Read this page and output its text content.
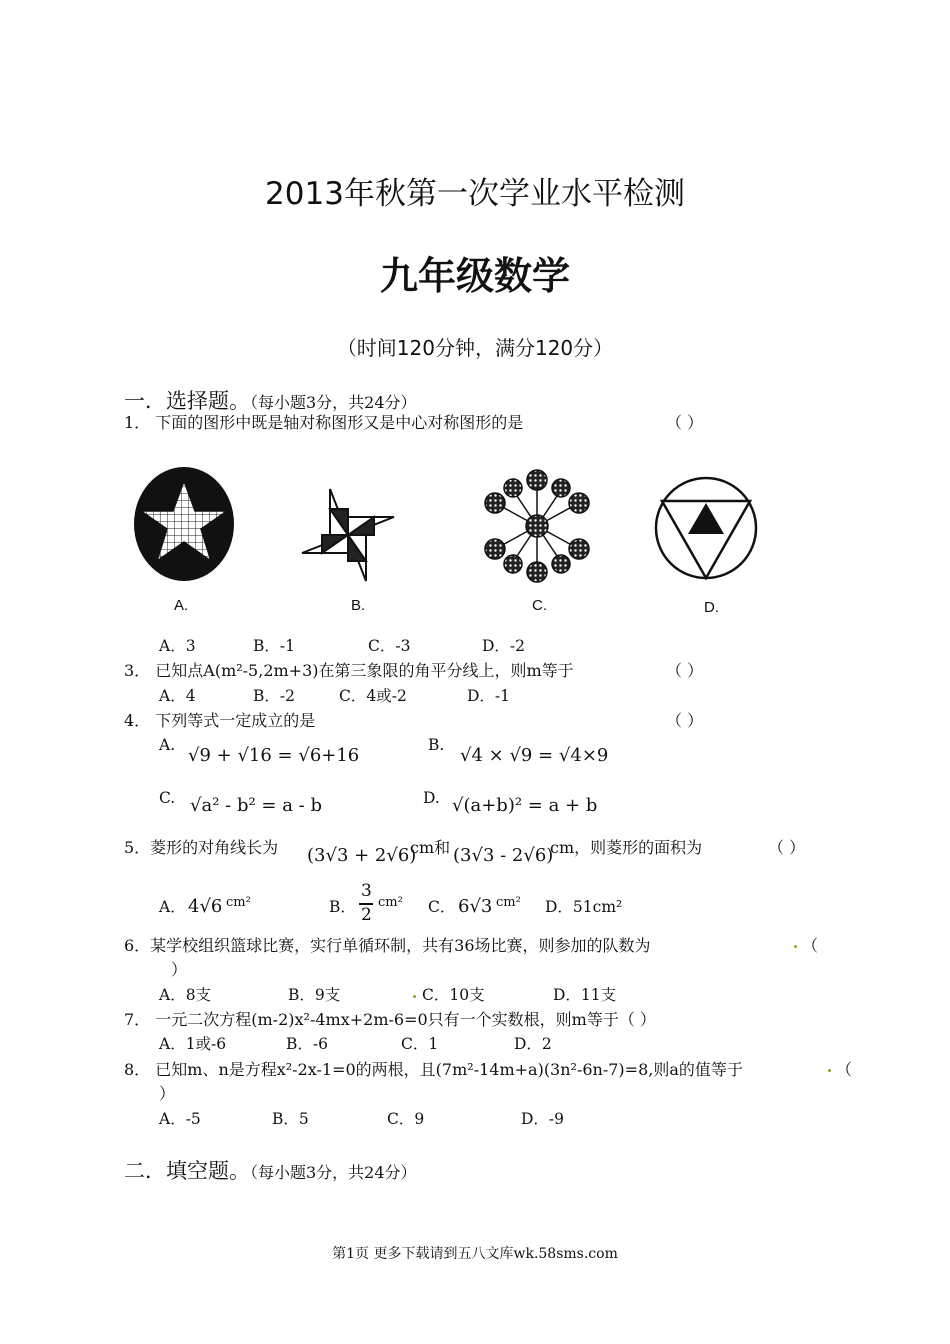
2013年秋第一次学业水平检测
九年级数学
（时间120分钟，满分120分）
一．选择题。（每小题3分，共24分）
1． 下面的图形中既是轴对称图形又是中心对称图形的是	（ ）
A.	B.	C.	D.
A．3	B．-1	C．-3	D．-2
3． 已知点A(m²-5,2m+3)在第三象限的角平分线上，则m等于	（ ）
A．4	B．-2	C．4或-2	D．-1
4． 下列等式一定成立的是	（ ）
A. √9 + √16 = √6+16	B. √4 × √9 = √4×9
C. √a² - b² = a - b	D. √(a+b)² = a + b
5．菱形的对角线长为 (3√3 + 2√6)
cm和 (3√3 - 2√6)
cm，则菱形的面积为	（ ）
A． 4√6 cm²	B．
3
2
cm² C． 6√3 cm² D．51cm²
6．某学校组织篮球比赛，实行单循环制，共有36场比赛，则参加的队数为	（
）
A．8支	B．9支	C．10支	D．11支
7． 一元二次方程(m-2)x²-4mx+2m-6=0只有一个实数根，则m等于（ ）
A．1或-6	B．-6	C．1	D．2
8． 已知m、n是方程x²-2x-1=0的两根，且(7m²-14m+a)(3n²-6n-7)=8,则a的值等于	（
）
A．-5	B．5	C．9	D．-9
二．填空题。（每小题3分，共24分）
第1页 更多下载请到五八文库wk.58sms.com
